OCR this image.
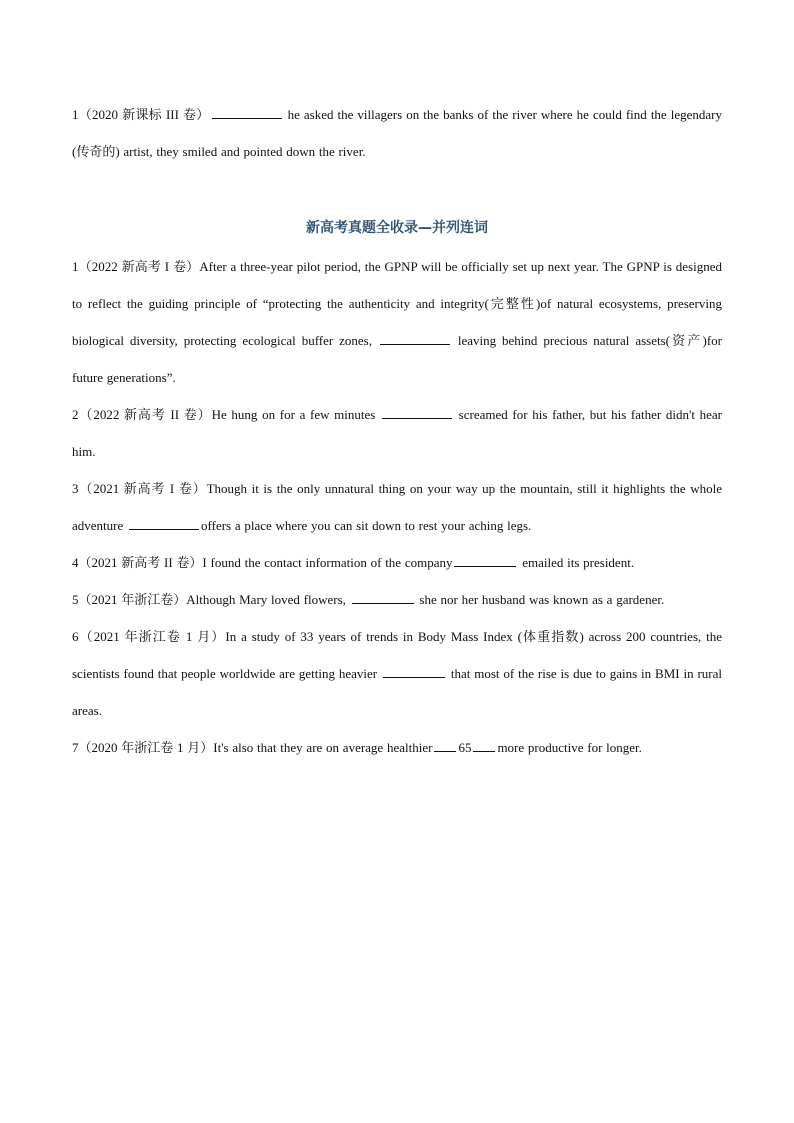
1（2020 新课标 III 卷）	he asked the villagers on the banks of the river where he could find the legendary (传奇的) artist, they smiled and pointed down the river.

新高考真题全收录—并列连词

1（2022 新高考 I 卷）After a three-year pilot period, the GPNP will be officially set up next year. The GPNP is designed to reflect the guiding principle of “protecting the authenticity and integrity(完整性)of natural ecosystems, preserving biological diversity, protecting ecological buffer zones,	leaving behind precious natural assets(资产)for future generations”.

2（2022 新高考 II 卷）He hung on for a few minutes	screamed for his father, but his father didn't hear him.

3（2021 新高考 I 卷）Though it is the only unnatural thing on your way up the mountain, still it highlights the whole adventure	offers a place where you can sit down to rest your aching legs.

4（2021 新高考 II 卷）I found the contact information of the company	emailed its president.

5（2021 年浙江卷）Although Mary loved flowers,	she nor her husband was known as a gardener.

6（2021 年浙江卷 1 月）In a study of 33 years of trends in Body Mass Index (体重指数) across 200 countries, the scientists found that people worldwide are getting heavier	that most of the rise is due to gains in BMI in rural areas.

7（2020 年浙江卷 1 月）It's also that they are on average healthier 65 more productive for longer.
